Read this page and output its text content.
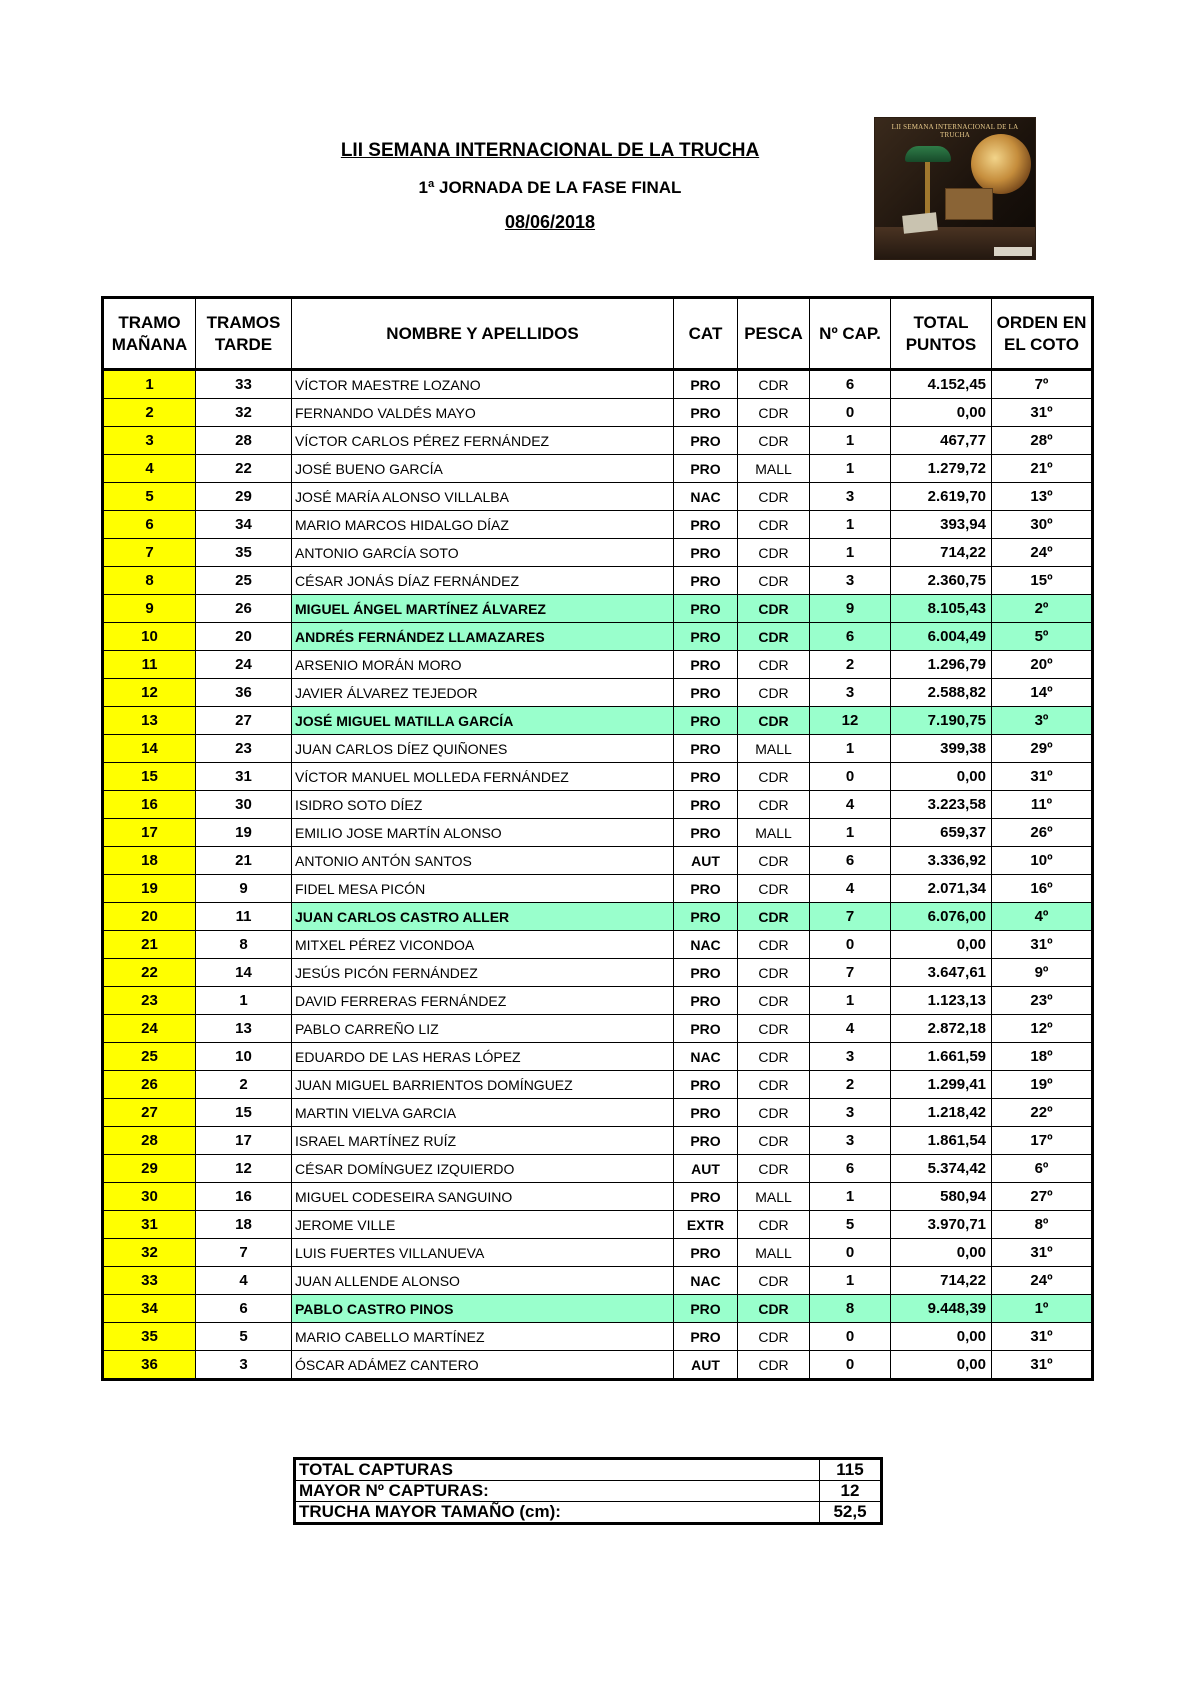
LII SEMANA INTERNACIONAL DE LA TRUCHA
1ª JORNADA DE LA FASE FINAL
08/06/2018
LII SEMANA INTERNACIONAL DE LA TRUCHA
TRAMO MAÑANA	TRAMOS TARDE	NOMBRE Y APELLIDOS	CAT	PESCA	Nº CAP.	TOTAL PUNTOS	ORDEN EN EL COTO
1	33	VÍCTOR MAESTRE LOZANO	PRO	CDR	6	4.152,45	7º
2	32	FERNANDO VALDÉS MAYO	PRO	CDR	0	0,00	31º
3	28	VÍCTOR CARLOS PÉREZ FERNÁNDEZ	PRO	CDR	1	467,77	28º
4	22	JOSÉ BUENO GARCÍA	PRO	MALL	1	1.279,72	21º
5	29	JOSÉ MARÍA ALONSO VILLALBA	NAC	CDR	3	2.619,70	13º
6	34	MARIO MARCOS HIDALGO DÍAZ	PRO	CDR	1	393,94	30º
7	35	ANTONIO GARCÍA SOTO	PRO	CDR	1	714,22	24º
8	25	CÉSAR JONÁS DÍAZ FERNÁNDEZ	PRO	CDR	3	2.360,75	15º
9	26	MIGUEL ÁNGEL MARTÍNEZ ÁLVAREZ	PRO	CDR	9	8.105,43	2º
10	20	ANDRÉS FERNÁNDEZ LLAMAZARES	PRO	CDR	6	6.004,49	5º
11	24	ARSENIO MORÁN MORO	PRO	CDR	2	1.296,79	20º
12	36	JAVIER ÁLVAREZ TEJEDOR	PRO	CDR	3	2.588,82	14º
13	27	JOSÉ MIGUEL MATILLA GARCÍA	PRO	CDR	12	7.190,75	3º
14	23	JUAN CARLOS DÍEZ QUIÑONES	PRO	MALL	1	399,38	29º
15	31	VÍCTOR MANUEL MOLLEDA FERNÁNDEZ	PRO	CDR	0	0,00	31º
16	30	ISIDRO SOTO DÍEZ	PRO	CDR	4	3.223,58	11º
17	19	EMILIO JOSE MARTÍN ALONSO	PRO	MALL	1	659,37	26º
18	21	ANTONIO ANTÓN SANTOS	AUT	CDR	6	3.336,92	10º
19	9	FIDEL MESA PICÓN	PRO	CDR	4	2.071,34	16º
20	11	JUAN CARLOS CASTRO ALLER	PRO	CDR	7	6.076,00	4º
21	8	MITXEL PÉREZ VICONDOA	NAC	CDR	0	0,00	31º
22	14	JESÚS PICÓN FERNÁNDEZ	PRO	CDR	7	3.647,61	9º
23	1	DAVID FERRERAS FERNÁNDEZ	PRO	CDR	1	1.123,13	23º
24	13	PABLO CARREÑO LIZ	PRO	CDR	4	2.872,18	12º
25	10	EDUARDO DE LAS HERAS LÓPEZ	NAC	CDR	3	1.661,59	18º
26	2	JUAN MIGUEL BARRIENTOS DOMÍNGUEZ	PRO	CDR	2	1.299,41	19º
27	15	MARTIN VIELVA GARCIA	PRO	CDR	3	1.218,42	22º
28	17	ISRAEL MARTÍNEZ RUÍZ	PRO	CDR	3	1.861,54	17º
29	12	CÉSAR DOMÍNGUEZ IZQUIERDO	AUT	CDR	6	5.374,42	6º
30	16	MIGUEL CODESEIRA SANGUINO	PRO	MALL	1	580,94	27º
31	18	JEROME VILLE	EXTR	CDR	5	3.970,71	8º
32	7	LUIS FUERTES VILLANUEVA	PRO	MALL	0	0,00	31º
33	4	JUAN ALLENDE ALONSO	NAC	CDR	1	714,22	24º
34	6	PABLO CASTRO PINOS	PRO	CDR	8	9.448,39	1º
35	5	MARIO CABELLO MARTÍNEZ	PRO	CDR	0	0,00	31º
36	3	ÓSCAR ADÁMEZ CANTERO	AUT	CDR	0	0,00	31º
TOTAL CAPTURAS	115
MAYOR Nº CAPTURAS:	12
TRUCHA MAYOR TAMAÑO (cm):	52,5
